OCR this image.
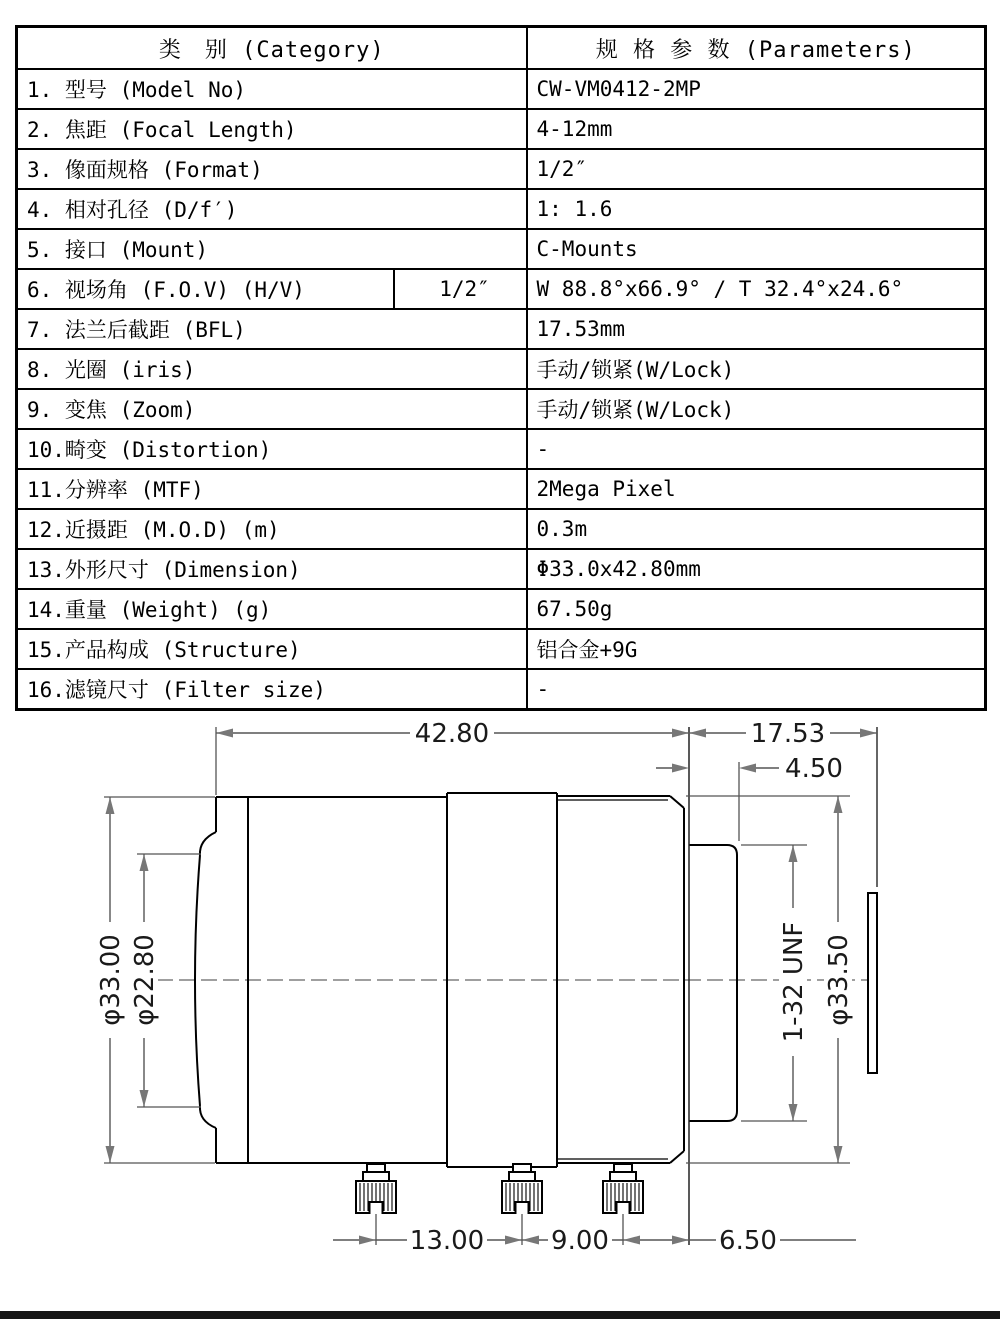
类　别 (Category)		规 格 参 数 (Parameters)
1. 型号 (Model No)		CW-VM0412-2MP
2. 焦距 (Focal Length)		4-12mm
3. 像面规格 (Format)		1/2″
4. 相对孔径 (D/f′)		1: 1.6
5. 接口 (Mount)		C-Mounts
6. 视场角 (F.O.V) (H/V)	1/2″	W 88.8°x66.9° / T 32.4°x24.6°
7. 法兰后截距 (BFL)		17.53mm
8. 光圈 (iris)		手动/锁紧(W/Lock)
9. 变焦 (Zoom)		手动/锁紧(W/Lock)
10.畸变 (Distortion)		-
11.分辨率 (MTF)		2Mega Pixel
12.近摄距 (M.O.D) (m)		0.3m
13.外形尺寸 (Dimension)		Φ33.0x42.80mm
14.重量 (Weight) (g)		67.50g
15.产品构成 (Structure)		铝合金+9G
16.滤镜尺寸 (Filter size)		-
42.80	17.53
4.50
φ33.00 φ22.80	1-32 UNF φ33.50
13.00	9.00	6.50
